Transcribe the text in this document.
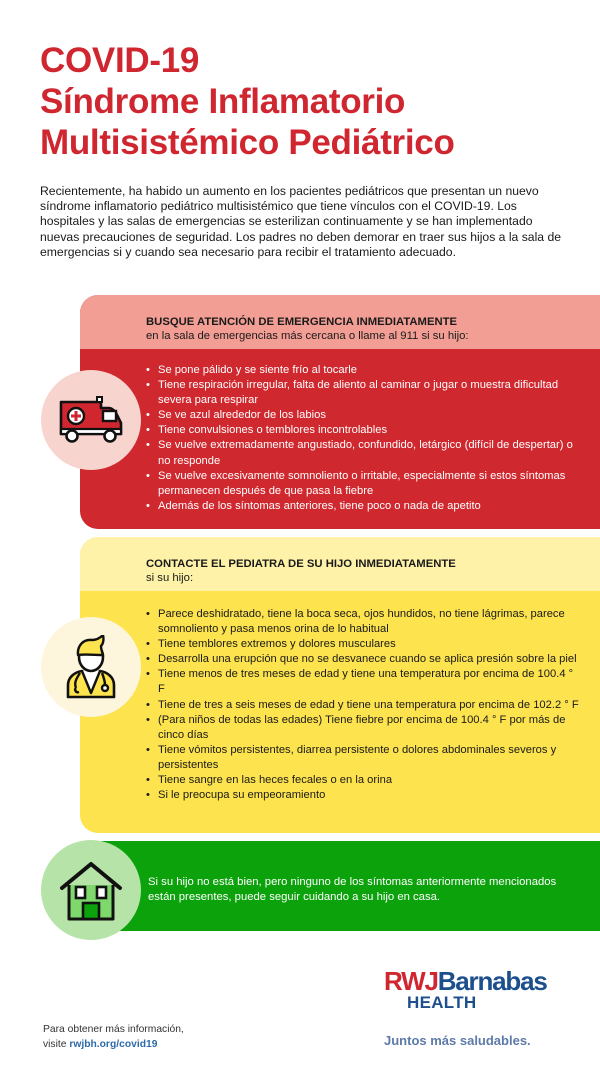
COVID-19
Síndrome Inflamatorio
Multisistémico Pediátrico

Recientemente, ha habido un aumento en los pacientes pediátricos que presentan un nuevo síndrome inflamatorio pediátrico multisistémico que tiene vínculos con el COVID-19. Los hospitales y las salas de emergencias se esterilizan continuamente y se han implementado nuevas precauciones de seguridad. Los padres no deben demorar en traer sus hijos a la sala de emergencias si y cuando sea necesario para recibir el tratamiento adecuado.

BUSQUE ATENCIÓN DE EMERGENCIA INMEDIATAMENTE
en la sala de emergencias más cercana o llame al 911 si su hijo:
• Se pone pálido y se siente frío al tocarle
• Tiene respiración irregular, falta de aliento al caminar o jugar o muestra dificultad severa para respirar
• Se ve azul alrededor de los labios
• Tiene convulsiones o temblores incontrolables
• Se vuelve extremadamente angustiado, confundido, letárgico (difícil de despertar) o no responde
• Se vuelve excesivamente somnoliento o irritable, especialmente si estos síntomas permanecen después de que pasa la fiebre
• Además de los síntomas anteriores, tiene poco o nada de apetito
CONTACTE EL PEDIATRA DE SU HIJO INMEDIATAMENTE
si su hijo:
• Parece deshidratado, tiene la boca seca, ojos hundidos, no tiene lágrimas, parece somnoliento y pasa menos orina de lo habitual
• Tiene temblores extremos y dolores musculares
• Desarrolla una erupción que no se desvanece cuando se aplica presión sobre la piel
• Tiene menos de tres meses de edad y tiene una temperatura por encima de 100.4 ° F
• Tiene de tres a seis meses de edad y tiene una temperatura por encima de 102.2 ° F
• (Para niños de todas las edades) Tiene fiebre por encima de 100.4 ° F por más de cinco días
• Tiene vómitos persistentes, diarrea persistente o dolores abdominales severos y persistentes
• Tiene sangre en las heces fecales o en la orina
• Si le preocupa su empeoramiento

Si su hijo no está bien, pero ninguno de los síntomas anteriormente mencionados están presentes, puede seguir cuidando a su hijo en casa.

Para obtener más información,
visite rwjbh.org/covid19

RWJBarnabas
HEALTH
Juntos más saludables.
